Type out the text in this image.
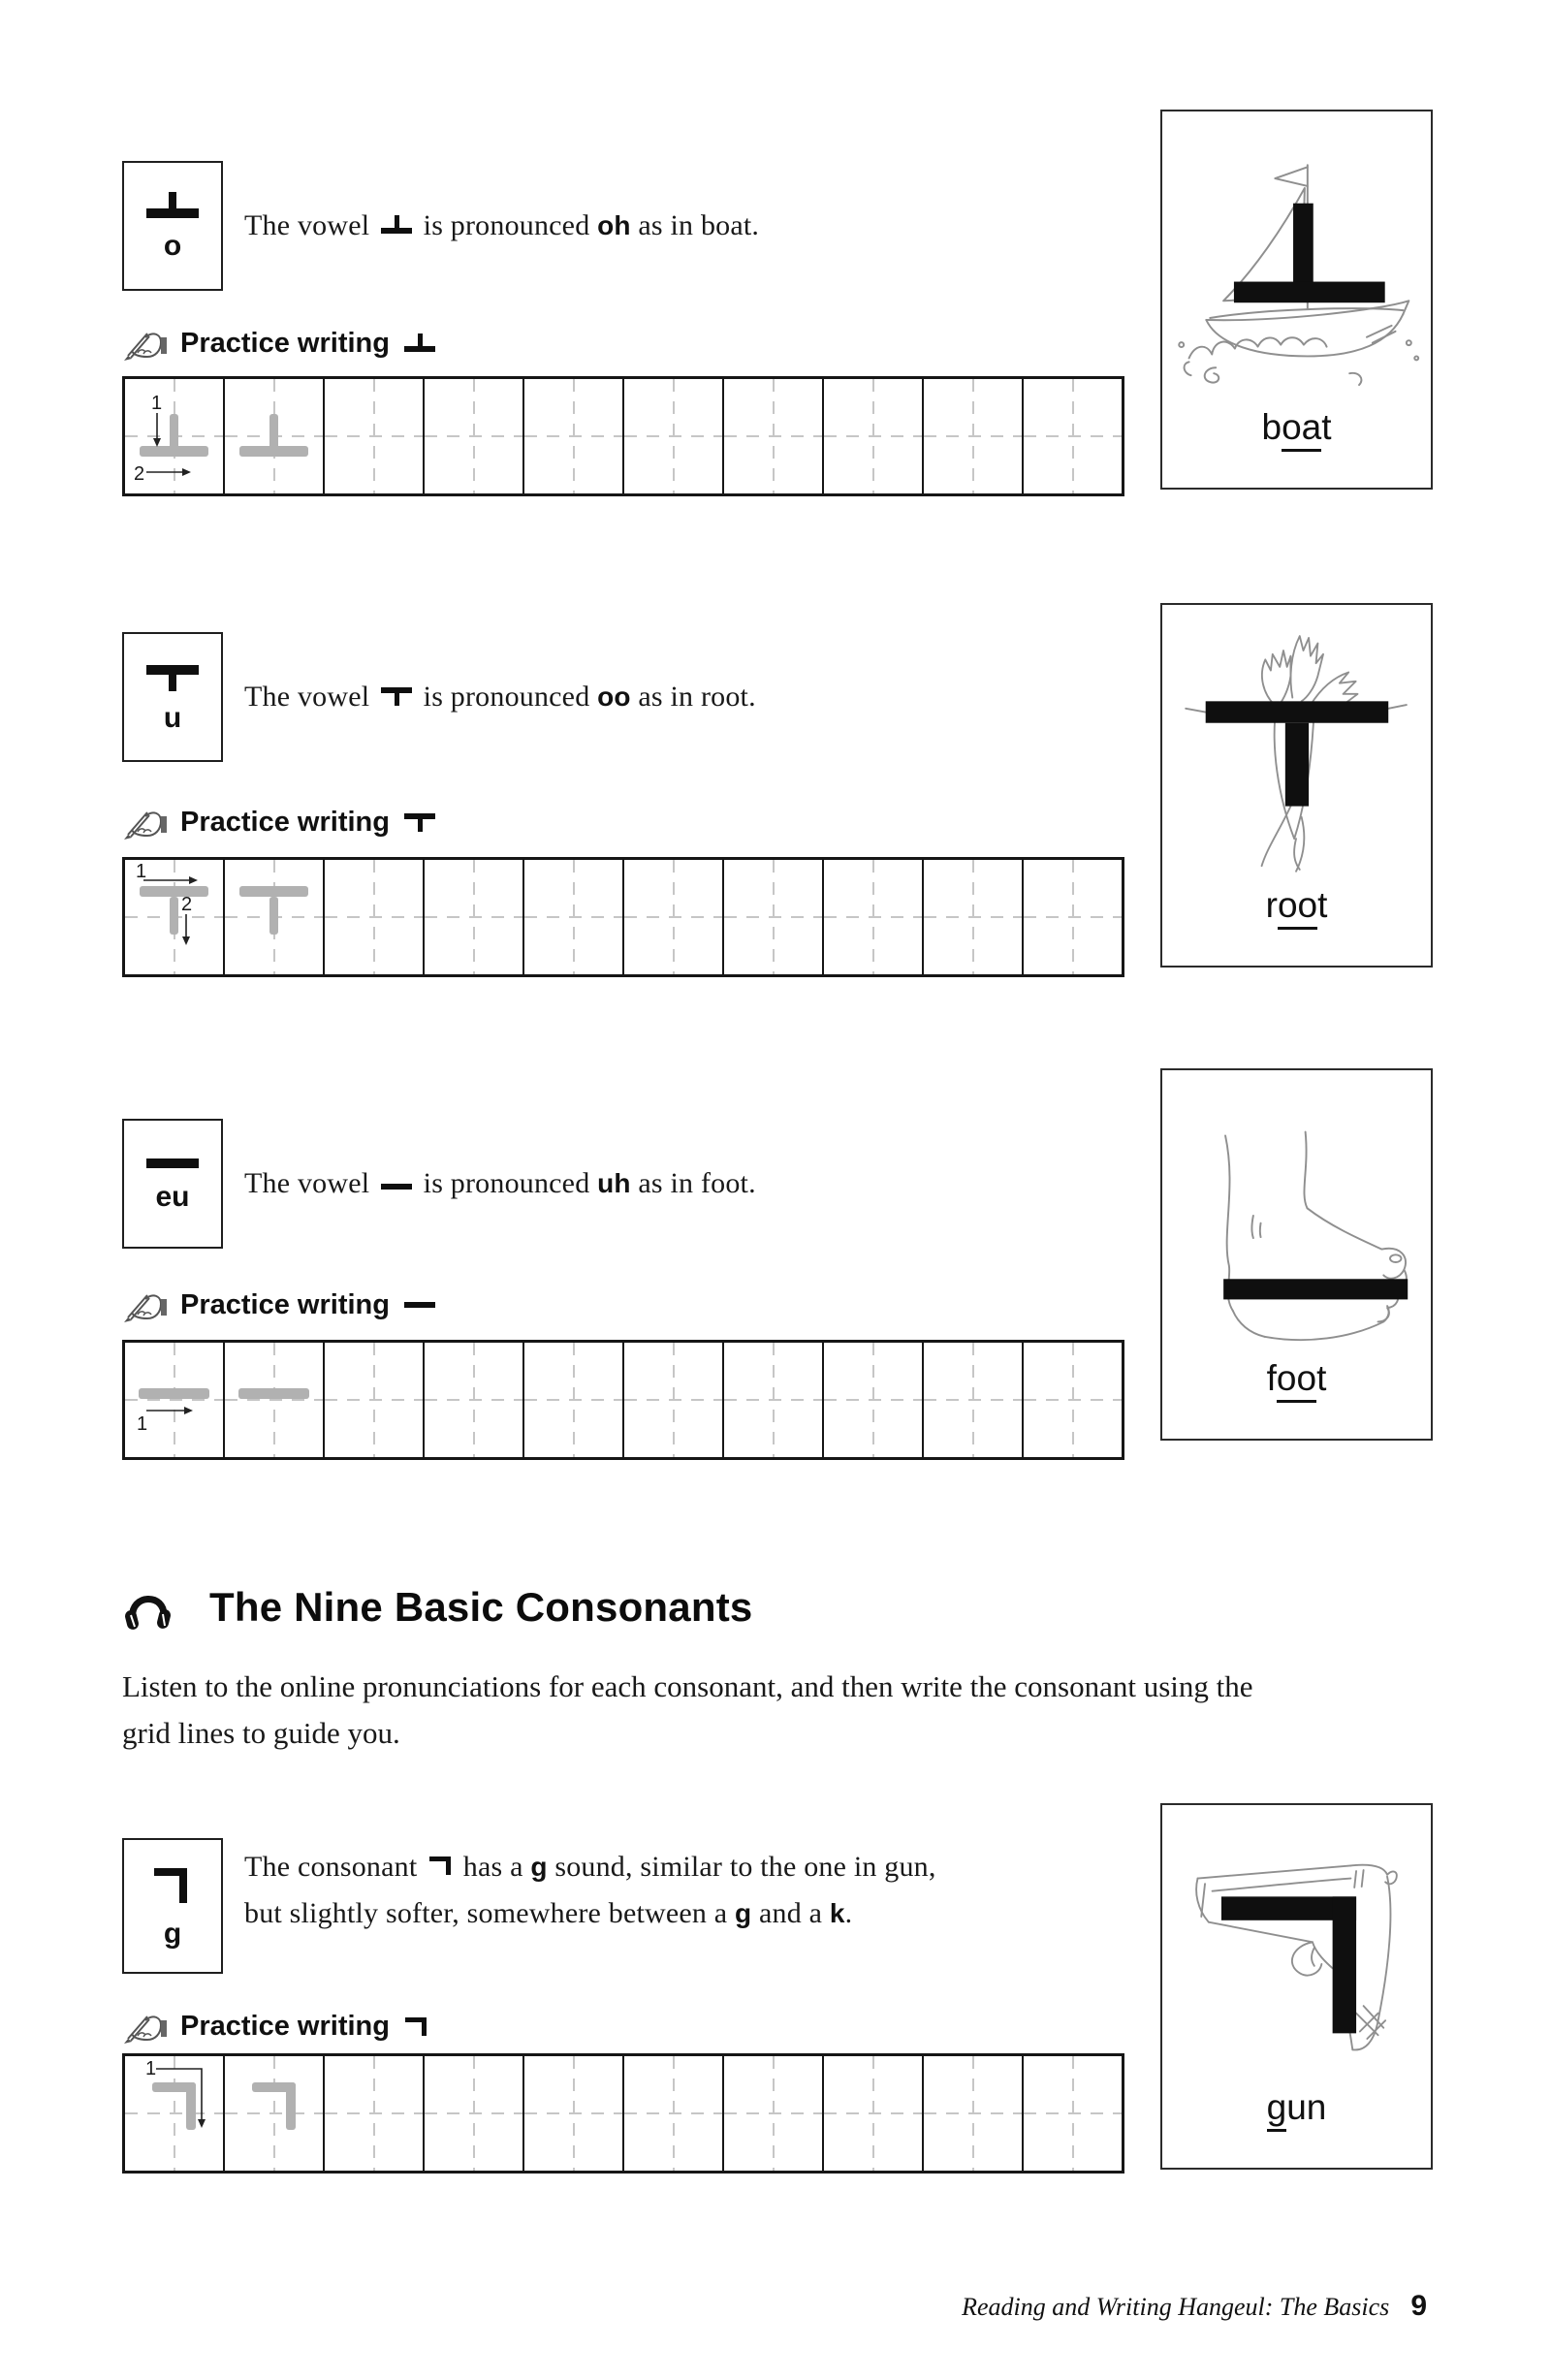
o
The vowel is pronounced oh as in boat.
Practice writing
1
2
boat
u
The vowel is pronounced oo as in root.
Practice writing
1
2	root
eu The vowel is pronounced uh as in foot.
Practice writing
1
foot
The Nine Basic Consonants
Listen to the online pronunciations for each consonant, and then write the consonant using the
grid lines to guide you.
g
The consonant has a g sound, similar to the one in gun,
but slightly softer, somewhere between a g and a k.
Practice writing
1
gun
Reading and Writing Hangeul: The Basics 9
